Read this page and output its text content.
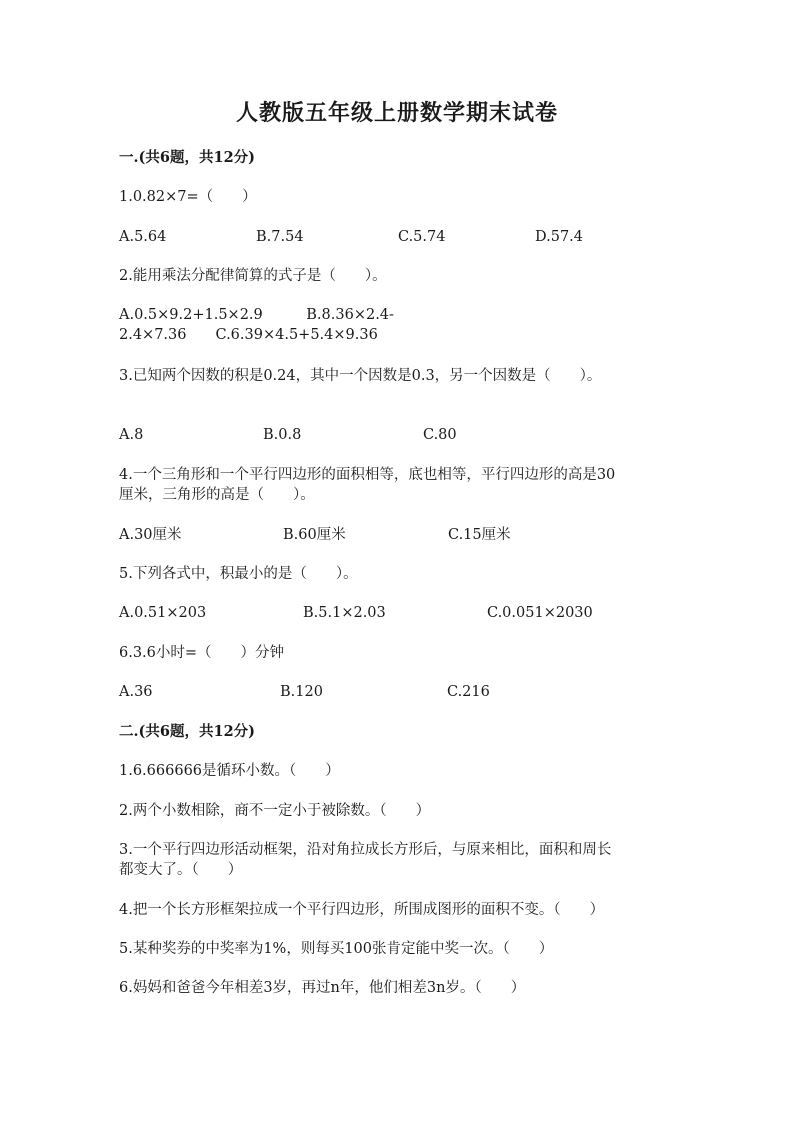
人教版五年级上册数学期末试卷
一.(共6题，共12分)
1.0.82×7=（　　）
A.5.64	B.7.54	C.5.74	D.57.4
2.能用乘法分配律简算的式子是（　　）。
A.0.5×9.2+1.5×2.9　　　B.8.36×2.4-
2.4×7.36　　C.6.39×4.5+5.4×9.36
3.已知两个因数的积是0.24，其中一个因数是0.3，另一个因数是（　　）。
A.8	B.0.8	C.80
4.一个三角形和一个平行四边形的面积相等，底也相等，平行四边形的高是30
厘米，三角形的高是（　　）。
A.30厘米	B.60厘米	C.15厘米
5.下列各式中，积最小的是（　　）。
A.0.51×203	B.5.1×2.03	C.0.051×2030
6.3.6小时=（　　）分钟
A.36	B.120	C.216
二.(共6题，共12分)
1.6.666666是循环小数。（　　）
2.两个小数相除，商不一定小于被除数。（　　）
3.一个平行四边形活动框架，沿对角拉成长方形后，与原来相比，面积和周长
都变大了。（　　）
4.把一个长方形框架拉成一个平行四边形，所围成图形的面积不变。（　　）
5.某种奖券的中奖率为1%，则每买100张肯定能中奖一次。（　　）
6.妈妈和爸爸今年相差3岁，再过n年，他们相差3n岁。（　　）
